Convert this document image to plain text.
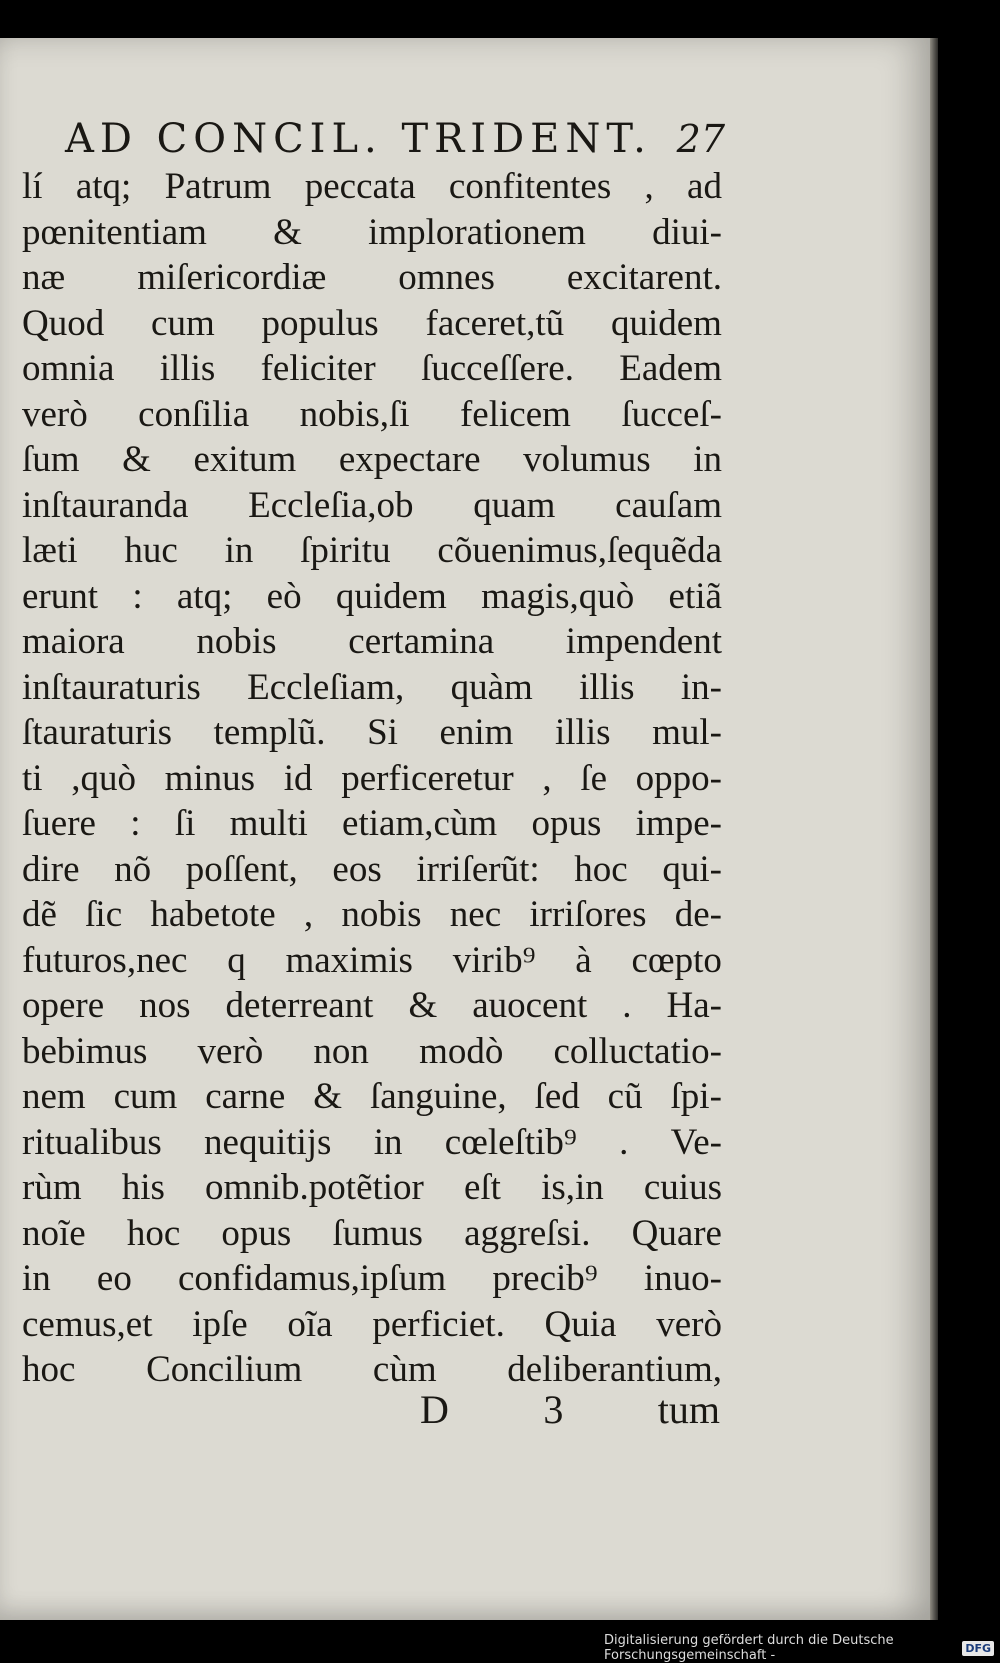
AD CONCIL. TRIDENT. 27
lí atq; Patrum peccata confitentes , ad
pœnitentiam & implorationem diui-
næ miſericordiæ omnes excitarent.
Quod cum populus faceret,tũ quidem
omnia illis feliciter ſucceſſere. Eadem
verò conſilia nobis,ſi felicem ſucceſ-
ſum & exitum expectare volumus in
inſtauranda Eccleſia,ob quam cauſam
læti huc in ſpiritu cõuenimus,ſequẽda
erunt : atq; eò quidem magis,quò etiã
maiora nobis certamina impendent
inſtauraturis Eccleſiam, quàm illis in-
ſtauraturis templũ. Si enim illis mul-
ti ,quò minus id perficeretur , ſe oppo-
ſuere : ſi multi etiam,cùm opus impe-
dire nõ poſſent, eos irriſerũt: hoc qui-
dẽ ſic habetote , nobis nec irriſores de-
futuros,nec q maximis virib⁹ à cœpto
opere nos deterreant & auocent . Ha-
bebimus verò non modò colluctatio-
nem cum carne & ſanguine, ſed cũ ſpi-
ritualibus nequitijs in cœleſtib⁹ . Ve-
rùm his omnib.potẽtior eſt is,in cuius
noĩe hoc opus ſumus aggreſsi. Quare
in eo confidamus,ipſum precib⁹ inuo-
cemus,et ipſe oĩa perficiet. Quia verò
hoc Concilium cùm deliberantium,
D 3 tum
Digitalisierung gefördert durch die Deutsche Forschungsgemeinschaft -	DFG
